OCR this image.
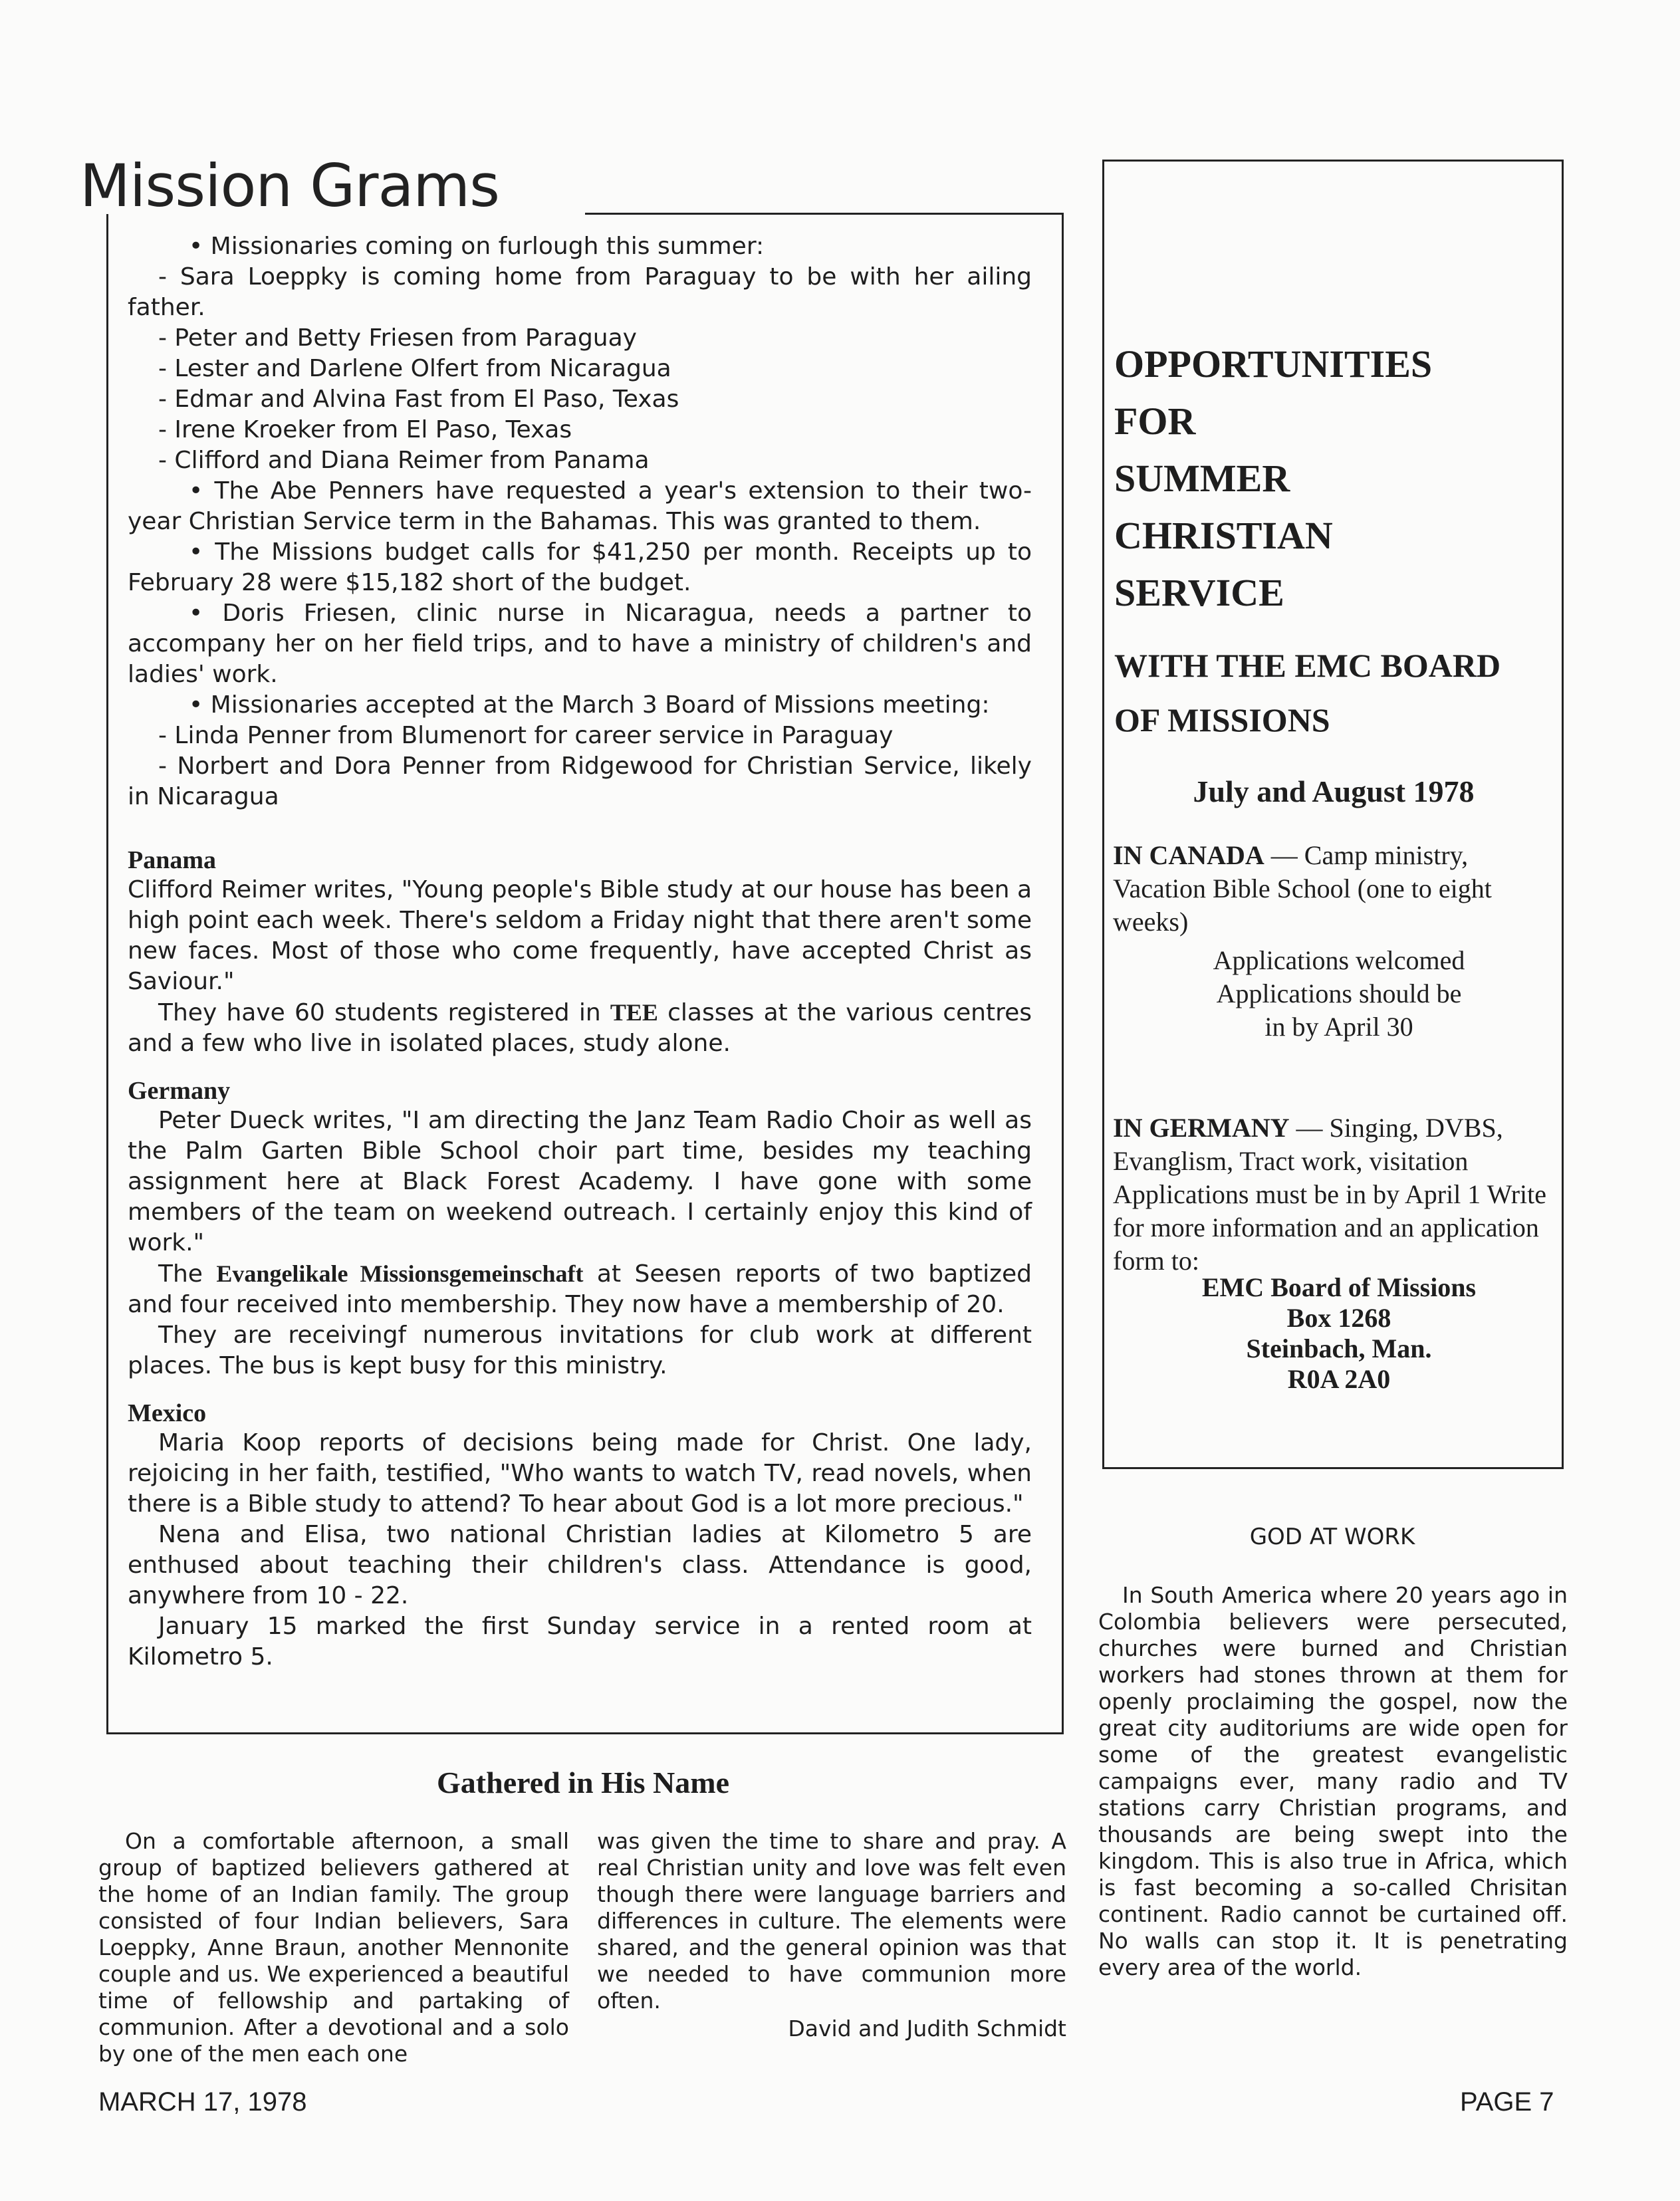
Mission Grams

• Missionaries coming on furlough this summer:

- Sara Loeppky is coming home from Paraguay to be with her ailing father.

- Peter and Betty Friesen from Paraguay

- Lester and Darlene Olfert from Nicaragua

- Edmar and Alvina Fast from El Paso, Texas

- Irene Kroeker from El Paso, Texas

- Clifford and Diana Reimer from Panama

• The Abe Penners have requested a year's extension to their two-year Christian Service term in the Bahamas. This was granted to them.

• The Missions budget calls for $41,250 per month. Receipts up to February 28 were $15,182 short of the budget.

• Doris Friesen, clinic nurse in Nicaragua, needs a partner to accompany her on her field trips, and to have a ministry of children's and ladies' work.

• Missionaries accepted at the March 3 Board of Missions meeting:

- Linda Penner from Blumenort for career service in Paraguay

- Norbert and Dora Penner from Ridgewood for Christian Service, likely in Nicaragua

Panama

Clifford Reimer writes, "Young people's Bible study at our house has been a high point each week. There's seldom a Friday night that there aren't some new faces. Most of those who come frequently, have accepted Christ as Saviour."

They have 60 students registered in TEE classes at the various centres and a few who live in isolated places, study alone.

Germany

Peter Dueck writes, "I am directing the Janz Team Radio Choir as well as the Palm Garten Bible School choir part time, besides my teaching assignment here at Black Forest Academy. I have gone with some members of the team on weekend outreach. I certainly enjoy this kind of work."

The Evangelikale Missionsgemeinschaft at Seesen reports of two baptized and four received into membership. They now have a membership of 20.

They are receivingf numerous invitations for club work at different places. The bus is kept busy for this ministry.

Mexico

Maria Koop reports of decisions being made for Christ. One lady, rejoicing in her faith, testified, "Who wants to watch TV, read novels, when there is a Bible study to attend? To hear about God is a lot more precious."

Nena and Elisa, two national Christian ladies at Kilometro 5 are enthused about teaching their children's class. Attendance is good, anywhere from 10 - 22.

January 15 marked the first Sunday service in a rented room at Kilometro 5.

Gathered in His Name
On a comfortable afternoon, a small group of baptized believers gathered at the home of an Indian family. The group consisted of four Indian believers, Sara Loeppky, Anne Braun, another Mennonite couple and us. We experienced a beautiful time of fellowship and partaking of communion. After a devotional and a solo by one of the men each one
was given the time to share and pray. A real Christian unity and love was felt even though there were language barriers and differences in culture. The elements were shared, and the general opinion was that we needed to have communion more often.
David and Judith Schmidt
OPPORTUNITIES
FOR
SUMMER
CHRISTIAN
SERVICE
WITH THE EMC BOARD
OF MISSIONS
July and August 1978
IN CANADA — Camp ministry, Vacation Bible School (one to eight weeks)
Applications welcomed
Applications should be
in by April 30
IN GERMANY — Singing, DVBS, Evanglism, Tract work, visitation Applications must be in by April 1 Write for more information and an application form to:
EMC Board of Missions
Box 1268
Steinbach, Man.
R0A 2A0
GOD AT WORK
In South America where 20 years ago in Colombia believers were persecuted, churches were burned and Christian workers had stones thrown at them for openly proclaiming the gospel, now the great city auditoriums are wide open for some of the greatest evangelistic campaigns ever, many radio and TV stations carry Christian programs, and thousands are being swept into the kingdom. This is also true in Africa, which is fast becoming a so-called Chrisitan continent. Radio cannot be curtained off. No walls can stop it. It is penetrating every area of the world.
MARCH 17, 1978	PAGE 7
